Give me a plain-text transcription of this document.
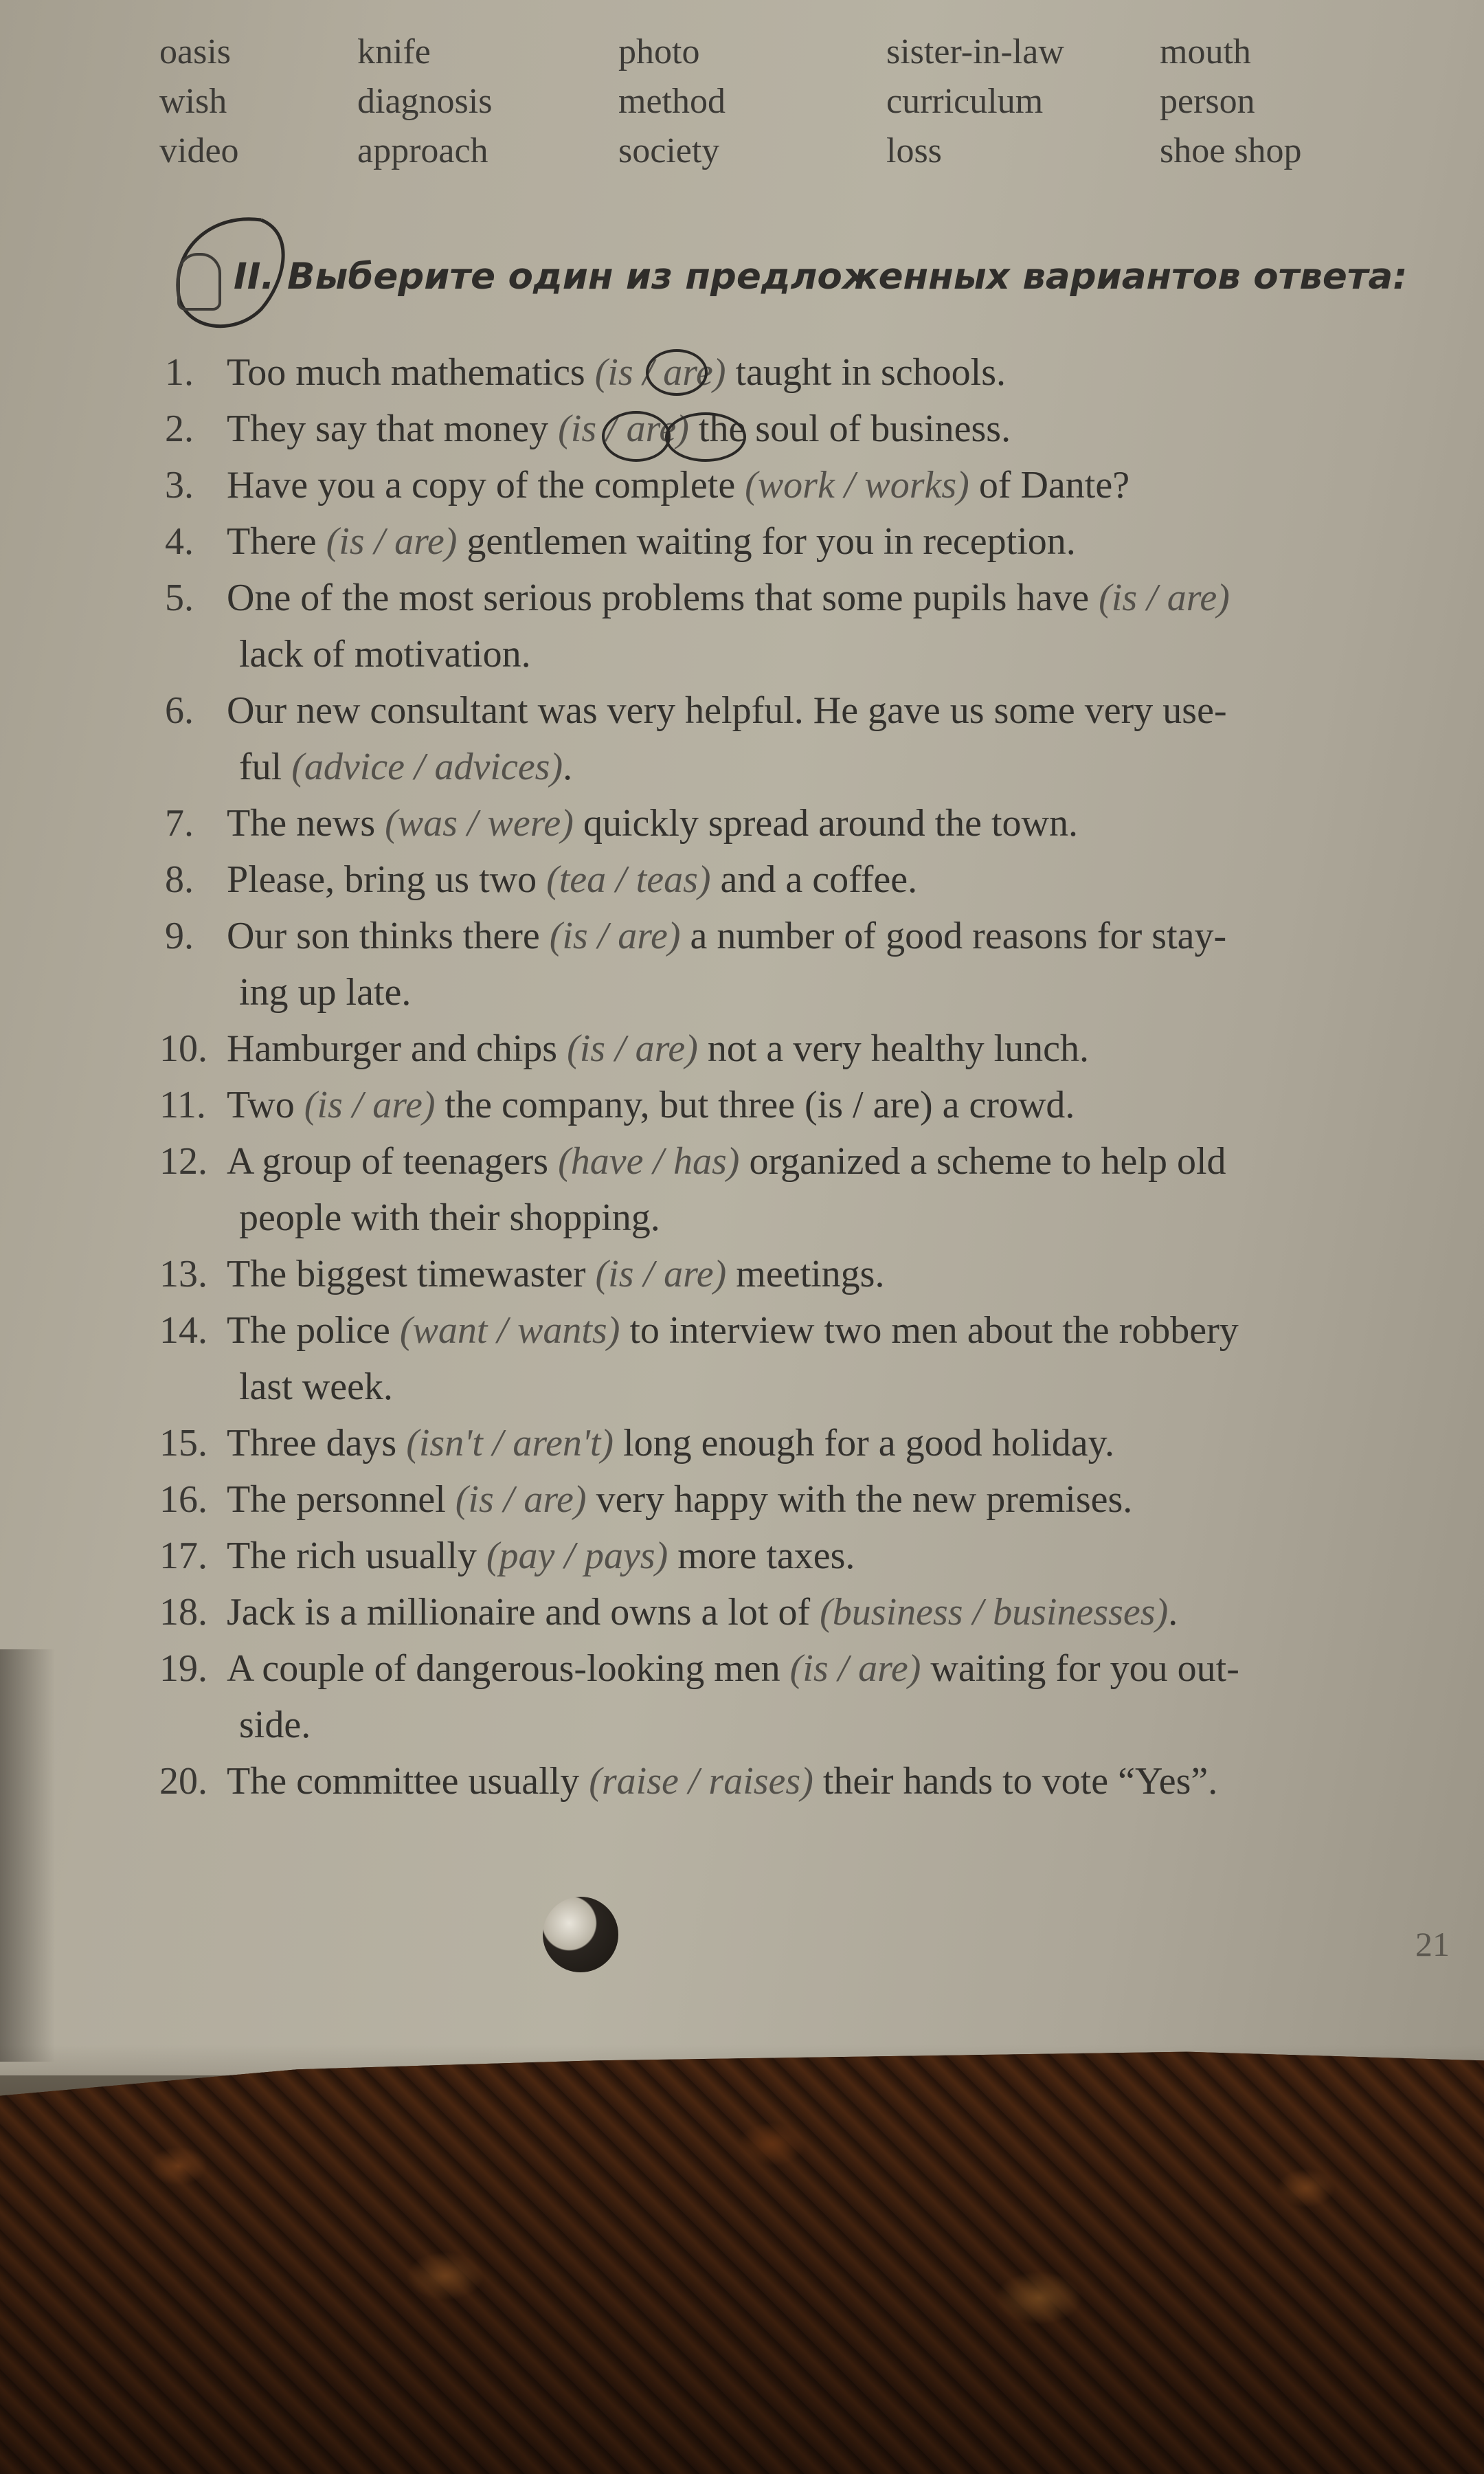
oasis
wish
video
knife
diagnosis
approach
photo
method
society
sister-in-law
curriculum
loss
mouth
person
shoe shop
II. Выберите один из предложенных вариантов ответа:
1. Too much mathematics (is / are) taught in schools.
2. They say that money (is / are) the soul of business.
3. Have you a copy of the complete (work / works) of Dante?
4. There (is / are) gentlemen waiting for you in reception.
5. One of the most serious problems that some pupils have (is / are)
lack of motivation.
6. Our new consultant was very helpful. He gave us some very use-
ful (advice / advices).
7. The news (was / were) quickly spread around the town.
8. Please, bring us two (tea / teas) and a coffee.
9. Our son thinks there (is / are) a number of good reasons for stay-
ing up late.
10. Hamburger and chips (is / are) not a very healthy lunch.
11. Two (is / are) the company, but three (is / are) a crowd.
12. A group of teenagers (have / has) organized a scheme to help old
people with their shopping.
13. The biggest timewaster (is / are) meetings.
14. The police (want / wants) to interview two men about the robbery
last week.
15. Three days (isn't / aren't) long enough for a good holiday.
16. The personnel (is / are) very happy with the new premises.
17. The rich usually (pay / pays) more taxes.
18. Jack is a millionaire and owns a lot of (business / businesses).
19. A couple of dangerous-looking men (is / are) waiting for you out-
side.
20. The committee usually (raise / raises) their hands to vote “Yes”.
21
